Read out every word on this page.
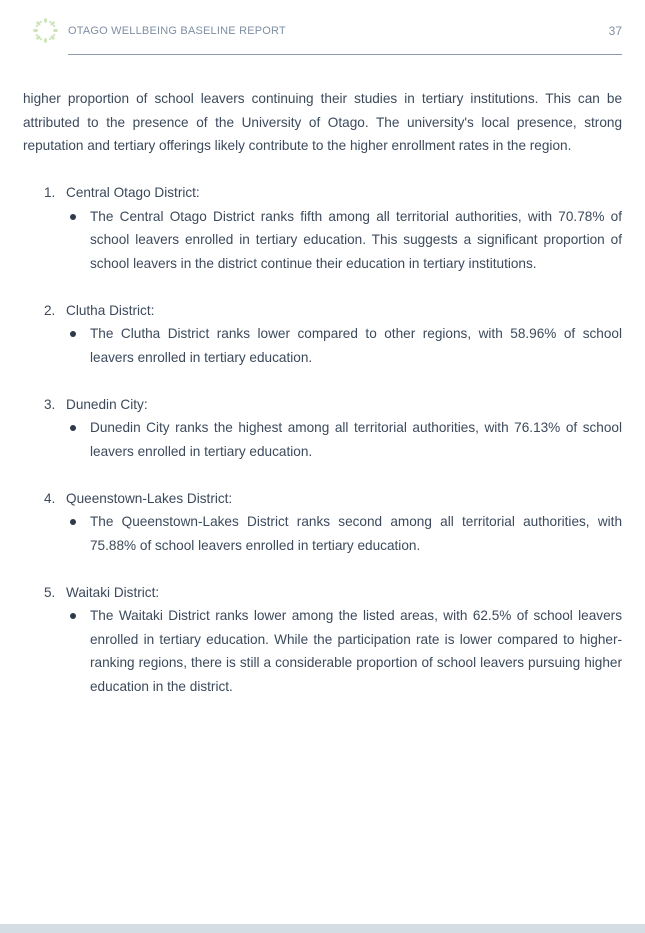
OTAGO WELLBEING BASELINE REPORT	37

higher proportion of school leavers continuing their studies in tertiary institutions. This can be attributed to the presence of the University of Otago. The university's local presence, strong reputation and tertiary offerings likely contribute to the higher enrollment rates in the region.

1. Central Otago District:
The Central Otago District ranks fifth among all territorial authorities, with 70.78% of school leavers enrolled in tertiary education. This suggests a significant proportion of school leavers in the district continue their education in tertiary institutions.
2. Clutha District:
The Clutha District ranks lower compared to other regions, with 58.96% of school leavers enrolled in tertiary education.
3. Dunedin City:
Dunedin City ranks the highest among all territorial authorities, with 76.13% of school leavers enrolled in tertiary education.
4. Queenstown-Lakes District:
The Queenstown-Lakes District ranks second among all territorial authorities, with 75.88% of school leavers enrolled in tertiary education.
5. Waitaki District:
The Waitaki District ranks lower among the listed areas, with 62.5% of school leavers enrolled in tertiary education. While the participation rate is lower compared to higher-ranking regions, there is still a considerable proportion of school leavers pursuing higher education in the district.
